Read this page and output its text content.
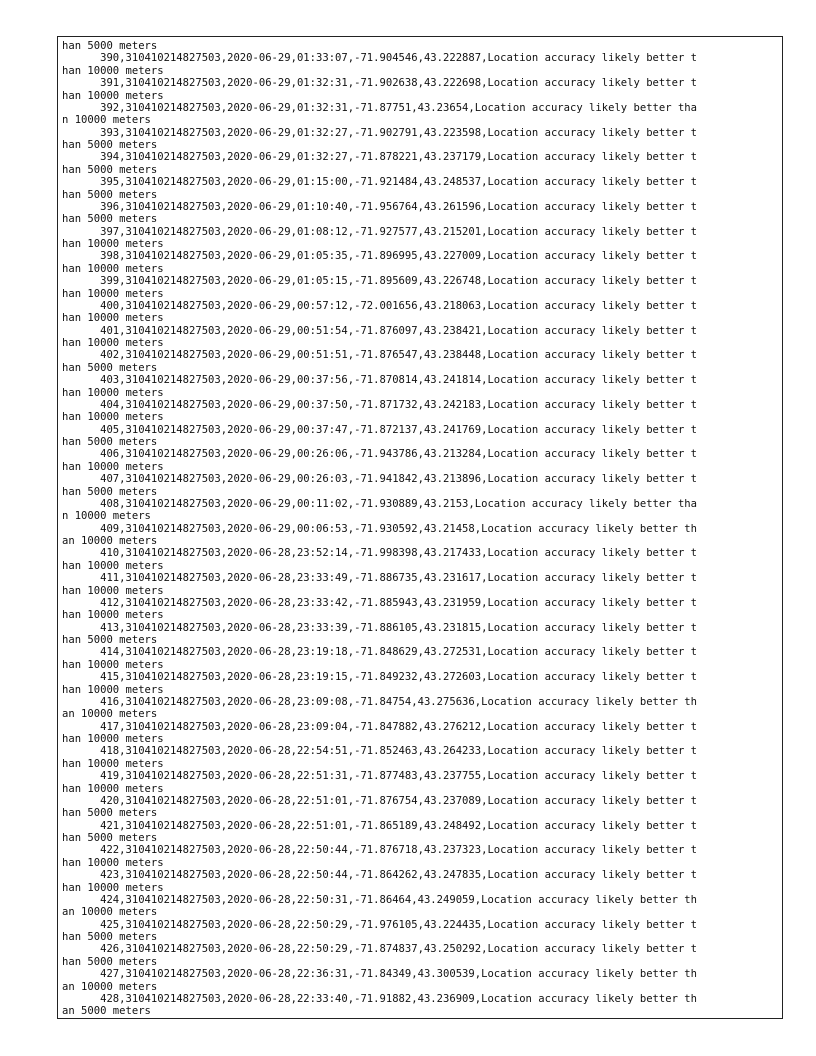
han 5000 meters
390,310410214827503,2020-06-29,01:33:07,-71.904546,43.222887,Location accuracy likely better t
han 10000 meters
391,310410214827503,2020-06-29,01:32:31,-71.902638,43.222698,Location accuracy likely better t
han 10000 meters
392,310410214827503,2020-06-29,01:32:31,-71.87751,43.23654,Location accuracy likely better tha
n 10000 meters
393,310410214827503,2020-06-29,01:32:27,-71.902791,43.223598,Location accuracy likely better t
han 5000 meters
394,310410214827503,2020-06-29,01:32:27,-71.878221,43.237179,Location accuracy likely better t
han 5000 meters
395,310410214827503,2020-06-29,01:15:00,-71.921484,43.248537,Location accuracy likely better t
han 5000 meters
396,310410214827503,2020-06-29,01:10:40,-71.956764,43.261596,Location accuracy likely better t
han 5000 meters
397,310410214827503,2020-06-29,01:08:12,-71.927577,43.215201,Location accuracy likely better t
han 10000 meters
398,310410214827503,2020-06-29,01:05:35,-71.896995,43.227009,Location accuracy likely better t
han 10000 meters
399,310410214827503,2020-06-29,01:05:15,-71.895609,43.226748,Location accuracy likely better t
han 10000 meters
400,310410214827503,2020-06-29,00:57:12,-72.001656,43.218063,Location accuracy likely better t
han 10000 meters
401,310410214827503,2020-06-29,00:51:54,-71.876097,43.238421,Location accuracy likely better t
han 10000 meters
402,310410214827503,2020-06-29,00:51:51,-71.876547,43.238448,Location accuracy likely better t
han 5000 meters
403,310410214827503,2020-06-29,00:37:56,-71.870814,43.241814,Location accuracy likely better t
han 10000 meters
404,310410214827503,2020-06-29,00:37:50,-71.871732,43.242183,Location accuracy likely better t
han 10000 meters
405,310410214827503,2020-06-29,00:37:47,-71.872137,43.241769,Location accuracy likely better t
han 5000 meters
406,310410214827503,2020-06-29,00:26:06,-71.943786,43.213284,Location accuracy likely better t
han 10000 meters
407,310410214827503,2020-06-29,00:26:03,-71.941842,43.213896,Location accuracy likely better t
han 5000 meters
408,310410214827503,2020-06-29,00:11:02,-71.930889,43.2153,Location accuracy likely better tha
n 10000 meters
409,310410214827503,2020-06-29,00:06:53,-71.930592,43.21458,Location accuracy likely better th
an 10000 meters
410,310410214827503,2020-06-28,23:52:14,-71.998398,43.217433,Location accuracy likely better t
han 10000 meters
411,310410214827503,2020-06-28,23:33:49,-71.886735,43.231617,Location accuracy likely better t
han 10000 meters
412,310410214827503,2020-06-28,23:33:42,-71.885943,43.231959,Location accuracy likely better t
han 10000 meters
413,310410214827503,2020-06-28,23:33:39,-71.886105,43.231815,Location accuracy likely better t
han 5000 meters
414,310410214827503,2020-06-28,23:19:18,-71.848629,43.272531,Location accuracy likely better t
han 10000 meters
415,310410214827503,2020-06-28,23:19:15,-71.849232,43.272603,Location accuracy likely better t
han 10000 meters
416,310410214827503,2020-06-28,23:09:08,-71.84754,43.275636,Location accuracy likely better th
an 10000 meters
417,310410214827503,2020-06-28,23:09:04,-71.847882,43.276212,Location accuracy likely better t
han 10000 meters
418,310410214827503,2020-06-28,22:54:51,-71.852463,43.264233,Location accuracy likely better t
han 10000 meters
419,310410214827503,2020-06-28,22:51:31,-71.877483,43.237755,Location accuracy likely better t
han 10000 meters
420,310410214827503,2020-06-28,22:51:01,-71.876754,43.237089,Location accuracy likely better t
han 5000 meters
421,310410214827503,2020-06-28,22:51:01,-71.865189,43.248492,Location accuracy likely better t
han 5000 meters
422,310410214827503,2020-06-28,22:50:44,-71.876718,43.237323,Location accuracy likely better t
han 10000 meters
423,310410214827503,2020-06-28,22:50:44,-71.864262,43.247835,Location accuracy likely better t
han 10000 meters
424,310410214827503,2020-06-28,22:50:31,-71.86464,43.249059,Location accuracy likely better th
an 10000 meters
425,310410214827503,2020-06-28,22:50:29,-71.976105,43.224435,Location accuracy likely better t
han 5000 meters
426,310410214827503,2020-06-28,22:50:29,-71.874837,43.250292,Location accuracy likely better t
han 5000 meters
427,310410214827503,2020-06-28,22:36:31,-71.84349,43.300539,Location accuracy likely better th
an 10000 meters
428,310410214827503,2020-06-28,22:33:40,-71.91882,43.236909,Location accuracy likely better th
an 5000 meters
